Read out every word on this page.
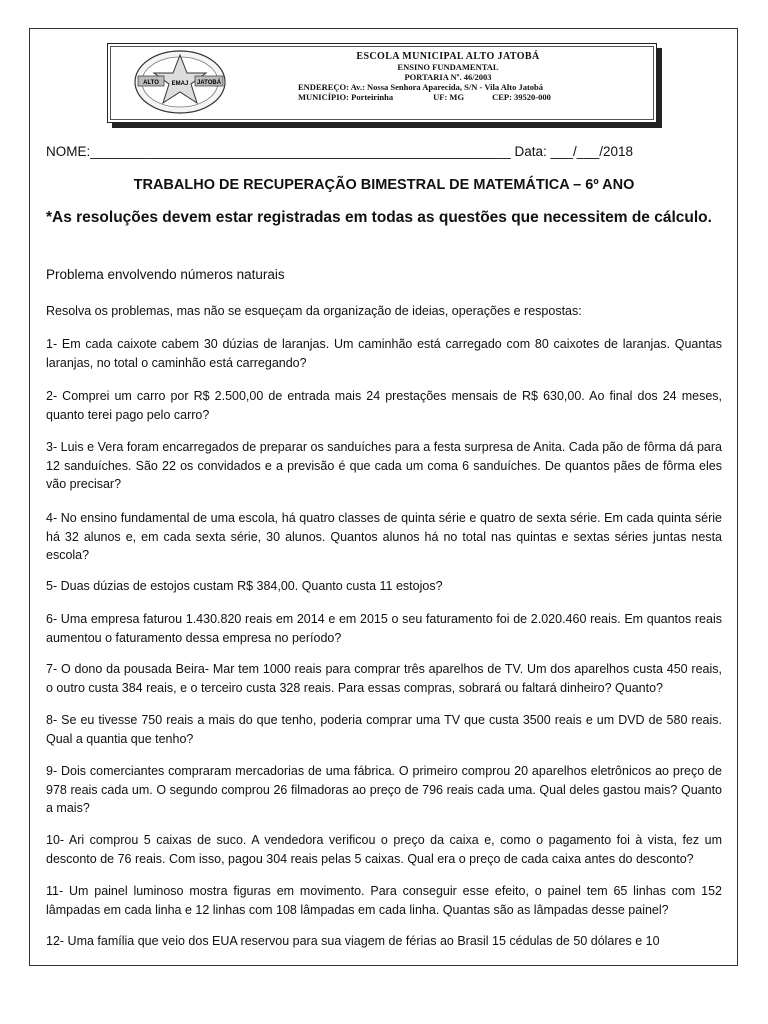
ALTO EMAJ JATOBÁ
ESCOLA MUNICIPAL ALTO JATOBÁ
ENSINO FUNDAMENTAL
PORTARIA Nº. 46/2003
ENDEREÇO: Av.: Nossa Senhora Aparecida, S/N - Vila Alto Jatobá
MUNICÍPIO: Porteirinha	UF: MG	CEP: 39520-000
NOME:________________________________________________________ Data: ___/___/2018
TRABALHO DE RECUPERAÇÃO BIMESTRAL DE MATEMÁTICA – 6º ANO
*As resoluções devem estar registradas em todas as questões que necessitem de cálculo.
Problema envolvendo números naturais
Resolva os problemas, mas não se esqueçam da organização de ideias, operações e respostas:
1- Em cada caixote cabem 30 dúzias de laranjas. Um caminhão está carregado com 80 caixotes de laranjas. Quantas laranjas, no total o caminhão está carregando?
2- Comprei um carro por R$ 2.500,00 de entrada mais 24 prestações mensais de R$ 630,00. Ao final dos 24 meses, quanto terei pago pelo carro?
3- Luis e Vera foram encarregados de preparar os sanduíches para a festa surpresa de Anita. Cada pão de fôrma dá para 12 sanduíches. São 22 os convidados e a previsão é que cada um coma 6 sanduíches. De quantos pães de fôrma eles vão precisar?
4- No ensino fundamental de uma escola, há quatro classes de quinta série e quatro de sexta série. Em cada quinta série há 32 alunos e, em cada sexta série, 30 alunos. Quantos alunos há no total nas quintas e sextas séries juntas nesta escola?
5- Duas dúzias de estojos custam R$ 384,00. Quanto custa 11 estojos?
6- Uma empresa faturou 1.430.820 reais em 2014 e em 2015 o seu faturamento foi de 2.020.460 reais. Em quantos reais aumentou o faturamento dessa empresa no período?
7- O dono da pousada Beira- Mar tem 1000 reais para comprar três aparelhos de TV. Um dos aparelhos custa 450 reais, o outro custa 384 reais, e o terceiro custa 328 reais. Para essas compras, sobrará ou faltará dinheiro? Quanto?
8- Se eu tivesse 750 reais a mais do que tenho, poderia comprar uma TV que custa 3500 reais e um DVD de 580 reais. Qual a quantia que tenho?
9- Dois comerciantes compraram mercadorias de uma fábrica. O primeiro comprou 20 aparelhos eletrônicos ao preço de 978 reais cada um. O segundo comprou 26 filmadoras ao preço de 796 reais cada uma. Qual deles gastou mais? Quanto a mais?
10- Ari comprou 5 caixas de suco. A vendedora verificou o preço da caixa e, como o pagamento foi à vista, fez um desconto de 76 reais. Com isso, pagou 304 reais pelas 5 caixas. Qual era o preço de cada caixa antes do desconto?
11- Um painel luminoso mostra figuras em movimento. Para conseguir esse efeito, o painel tem 65 linhas com 152 lâmpadas em cada linha e 12 linhas com 108 lâmpadas em cada linha. Quantas são as lâmpadas desse painel?
12- Uma família que veio dos EUA reservou para sua viagem de férias ao Brasil 15 cédulas de 50 dólares e 10
